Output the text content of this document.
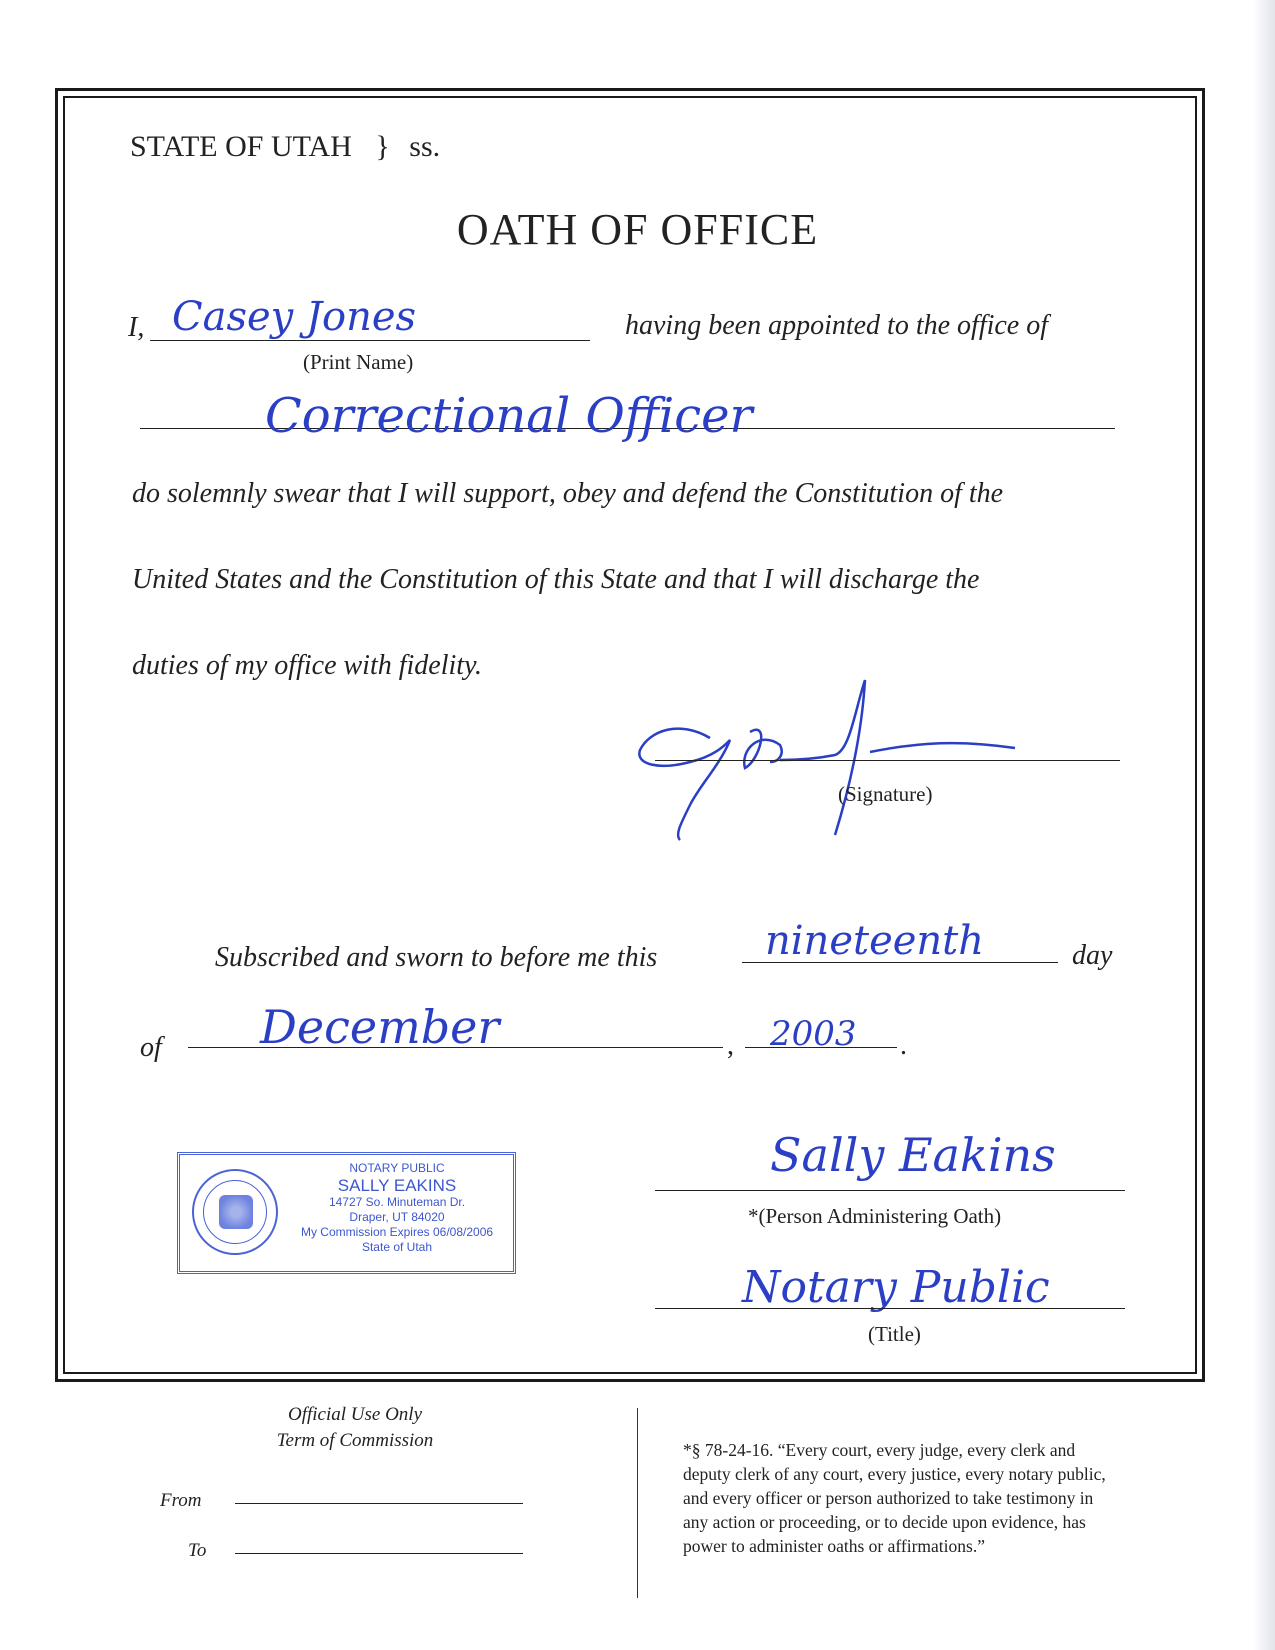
STATE OF UTAH } ss.
OATH OF OFFICE
I, Casey Jones
(Print Name)
having been appointed to the office of
Correctional Officer
do solemnly swear that I will support, obey and defend the Constitution of the
United States and the Constitution of this State and that I will discharge the
duties of my office with fidelity.
(Signature)
Subscribed and sworn to before me this	nineteenth	day
of December	, 2003 .
NOTARY PUBLIC
SALLY EAKINS
14727 So. Minuteman Dr.
Draper, UT 84020
My Commission Expires 06/08/2006
State of Utah
Sally Eakins
*(Person Administering Oath)
Notary Public
(Title)
Official Use Only
Term of Commission
From
To
*§ 78-24-16. “Every court, every judge, every clerk and
deputy clerk of any court, every justice, every notary public,
and every officer or person authorized to take testimony in
any action or proceeding, or to decide upon evidence, has
power to administer oaths or affirmations.”
